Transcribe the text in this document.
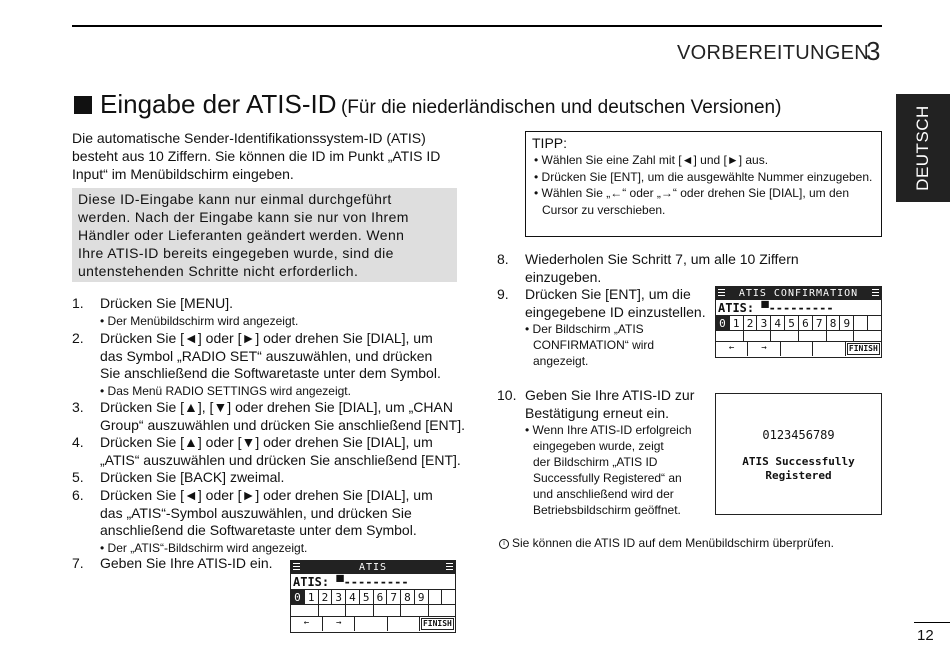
VORBEREITUNGEN
3
DEUTSCH
Eingabe der ATIS-ID (Für die niederländischen und deutschen Versionen)
Die automatische Sender-Identifikationssystem-ID (ATIS)
besteht aus 10 Ziffern. Sie können die ID im Punkt „ATIS ID
Input“ im Menübildschirm eingeben.
Diese ID-Eingabe kann nur einmal durchgeführt
werden. Nach der Eingabe kann sie nur von Ihrem
Händler oder Lieferanten geändert werden. Wenn
Ihre ATIS-ID bereits eingegeben wurde, sind die
untenstehenden Schritte nicht erforderlich.
1. Drücken Sie [MENU].
• Der Menübildschirm wird angezeigt.
2. Drücken Sie [◄] oder [►] oder drehen Sie [DIAL], um
das Symbol „RADIO SET“ auszuwählen, und drücken
Sie anschließend die Softwaretaste unter dem Symbol.
• Das Menü RADIO SETTINGS wird angezeigt.
3. Drücken Sie [▲], [▼] oder drehen Sie [DIAL], um „CHAN
Group“ auszuwählen und drücken Sie anschließend [ENT].
4. Drücken Sie [▲] oder [▼] oder drehen Sie [DIAL], um
„ATIS“ auszuwählen und drücken Sie anschließend [ENT].
5. Drücken Sie [BACK] zweimal.
6. Drücken Sie [◄] oder [►] oder drehen Sie [DIAL], um
das „ATIS“-Symbol auszuwählen, und drücken Sie
anschließend die Softwaretaste unter dem Symbol.
• Der „ATIS“-Bildschirm wird angezeigt.
7. Geben Sie Ihre ATIS-ID ein.	ATIS
ATIS: ▀---------
0 1 2 3 4 5 6 7 8 9
←	→	FINISH
TIPP:
• Wählen Sie eine Zahl mit [◄] und [►] aus.
• Drücken Sie [ENT], um die ausgewählte Nummer einzugeben.
• Wählen Sie „←“ oder „→“ oder drehen Sie [DIAL], um den Cursor zu verschieben.
8. Wiederholen Sie Schritt 7, um alle 10 Ziffern
einzugeben.
9. Drücken Sie [ENT], um die
eingegebene ID einzustellen.
• Der Bildschirm „ATIS
CONFIRMATION“ wird
angezeigt.
ATIS CONFIRMATION
ATIS: ▀---------
0 1 2 3 4 5 6 7 8 9
←	→	FINISH
10. Geben Sie Ihre ATIS-ID zur
Bestätigung erneut ein.
• Wenn Ihre ATIS-ID erfolgreich
eingegeben wurde, zeigt
der Bildschirm „ATIS ID
Successfully Registered“ an
und anschließend wird der
Betriebsbildschirm geöffnet.
0123456789
ATIS Successfully
Registered
i Sie können die ATIS ID auf dem Menübildschirm überprüfen.
12
